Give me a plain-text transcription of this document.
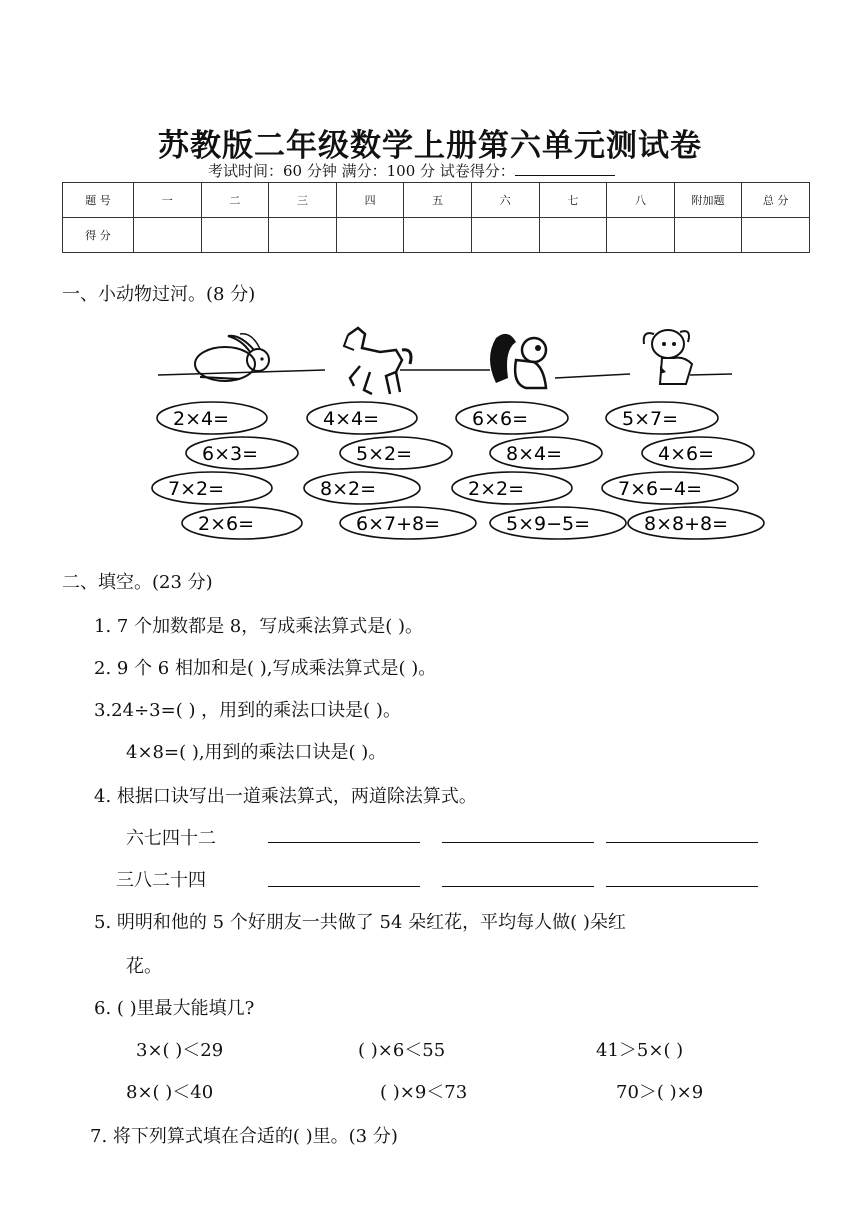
苏教版二年级数学上册第六单元测试卷
考试时间：60 分钟 满分：100 分 试卷得分：
题 号	一	二	三	四	五	六	七	八	附加题	总 分
得 分										
一、小动物过河。(8 分)
2×4=	4×4=	6×6=	5×7=
6×3=	5×2=	8×4=	4×6=
7×2=	8×2=	2×2=	7×6−4=
2×6=	6×7+8=	5×9−5=	8×8+8=
二、填空。(23 分)
1. 7 个加数都是 8，写成乘法算式是( )。
2. 9 个 6 相加和是( ),写成乘法算式是( )。
3.24÷3=( ) ，用到的乘法口诀是( )。
4×8=( ),用到的乘法口诀是( )。
4. 根据口诀写出一道乘法算式，两道除法算式。
六七四十二
三八二十四
5. 明明和他的 5 个好朋友一共做了 54 朵红花，平均每人做( )朵红
花。
6. ( )里最大能填几?
3×( )＜29	( )×6＜55	41＞5×( )
8×( )＜40	( )×9＜73	70＞( )×9
7. 将下列算式填在合适的( )里。(3 分)
